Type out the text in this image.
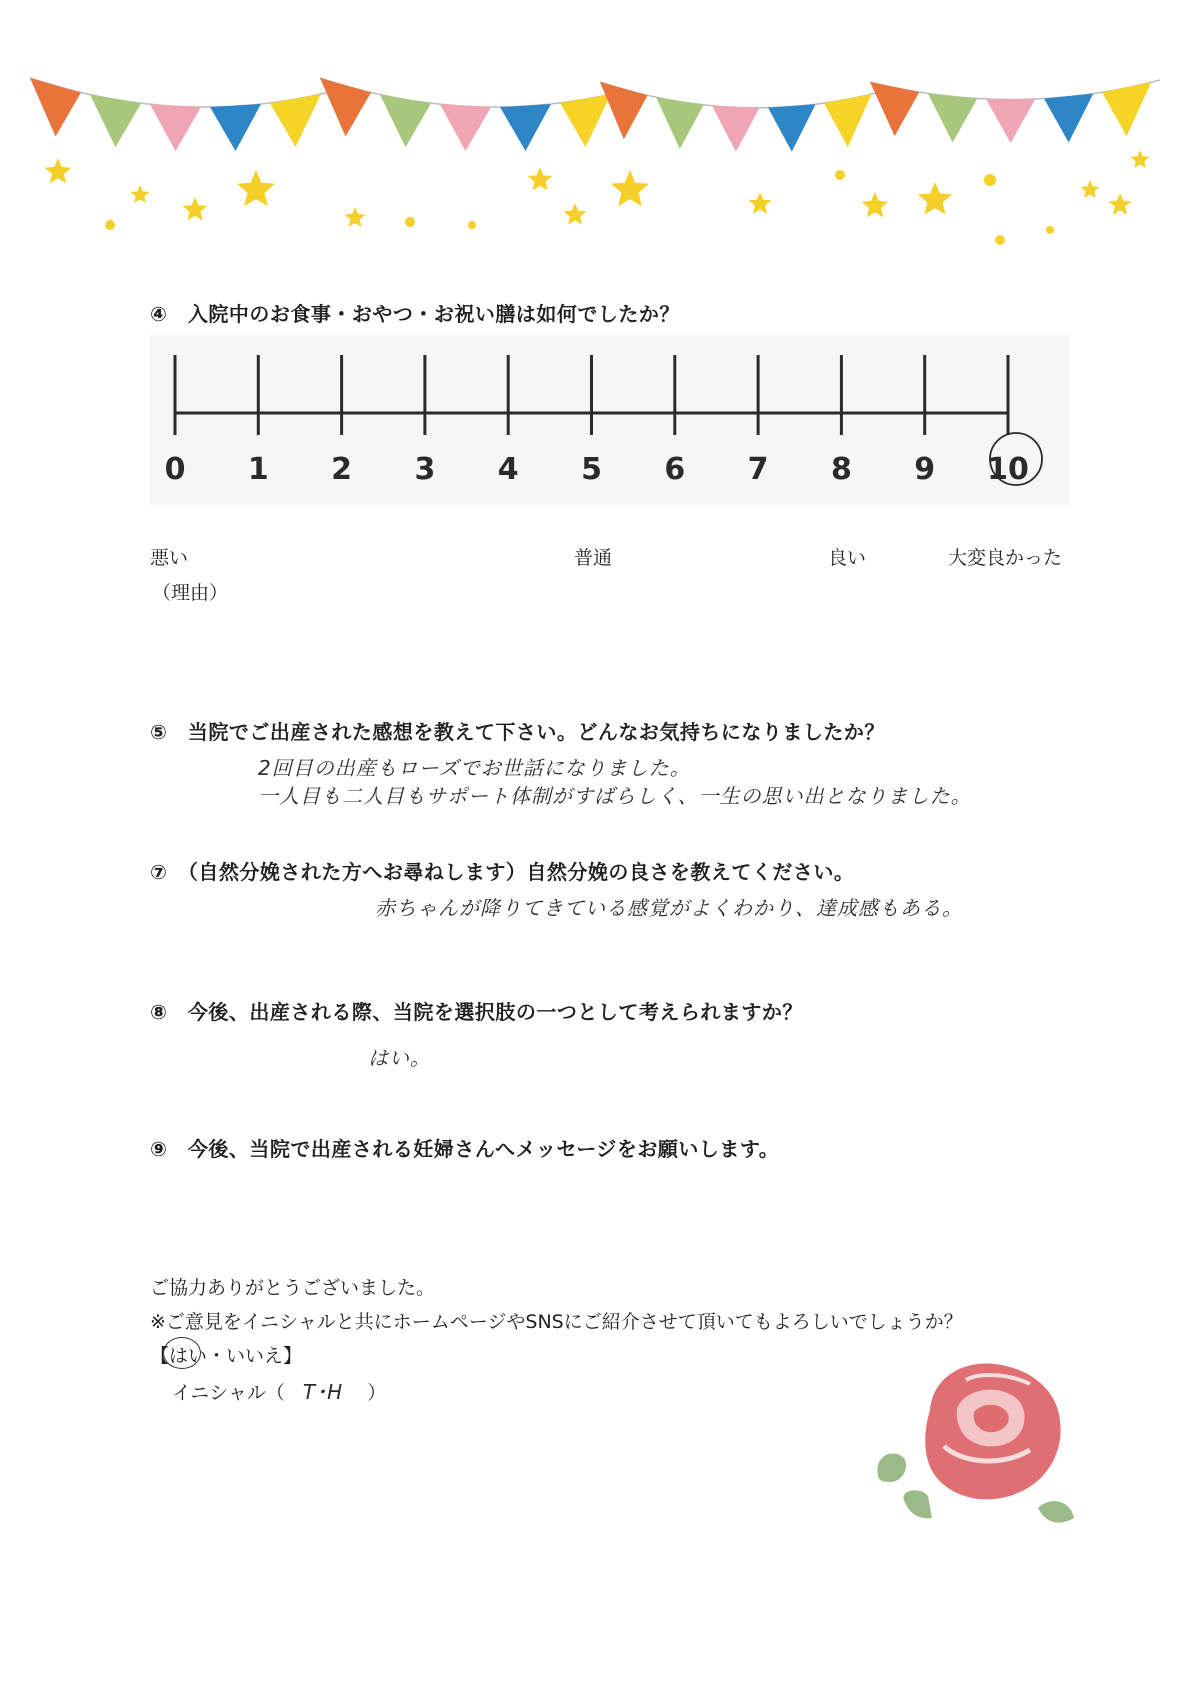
④　入院中のお食事・おやつ・お祝い膳は如何でしたか？
0 1 2 3 4 5 6 7 8 9 10
悪い	普通	良い	大変良かった
（理由）
⑤　当院でご出産された感想を教えて下さい。どんなお気持ちになりましたか？
2回目の出産もローズでお世話になりました。
一人目も二人目もサポート体制がすばらしく、一生の思い出となりました。
⑦　（自然分娩された方へお尋ねします）自然分娩の良さを教えてください。
赤ちゃんが降りてきている感覚がよくわかり、達成感もある。
⑧　今後、出産される際、当院を選択肢の一つとして考えられますか？
はい。
⑨　今後、当院で出産される妊婦さんへメッセージをお願いします。
ご協力ありがとうございました。
※ご意見をイニシャルと共にホームページやSNSにご紹介させて頂いてもよろしいでしょうか？
【はい
・いいえ】
イニシャル（ T･H ）
